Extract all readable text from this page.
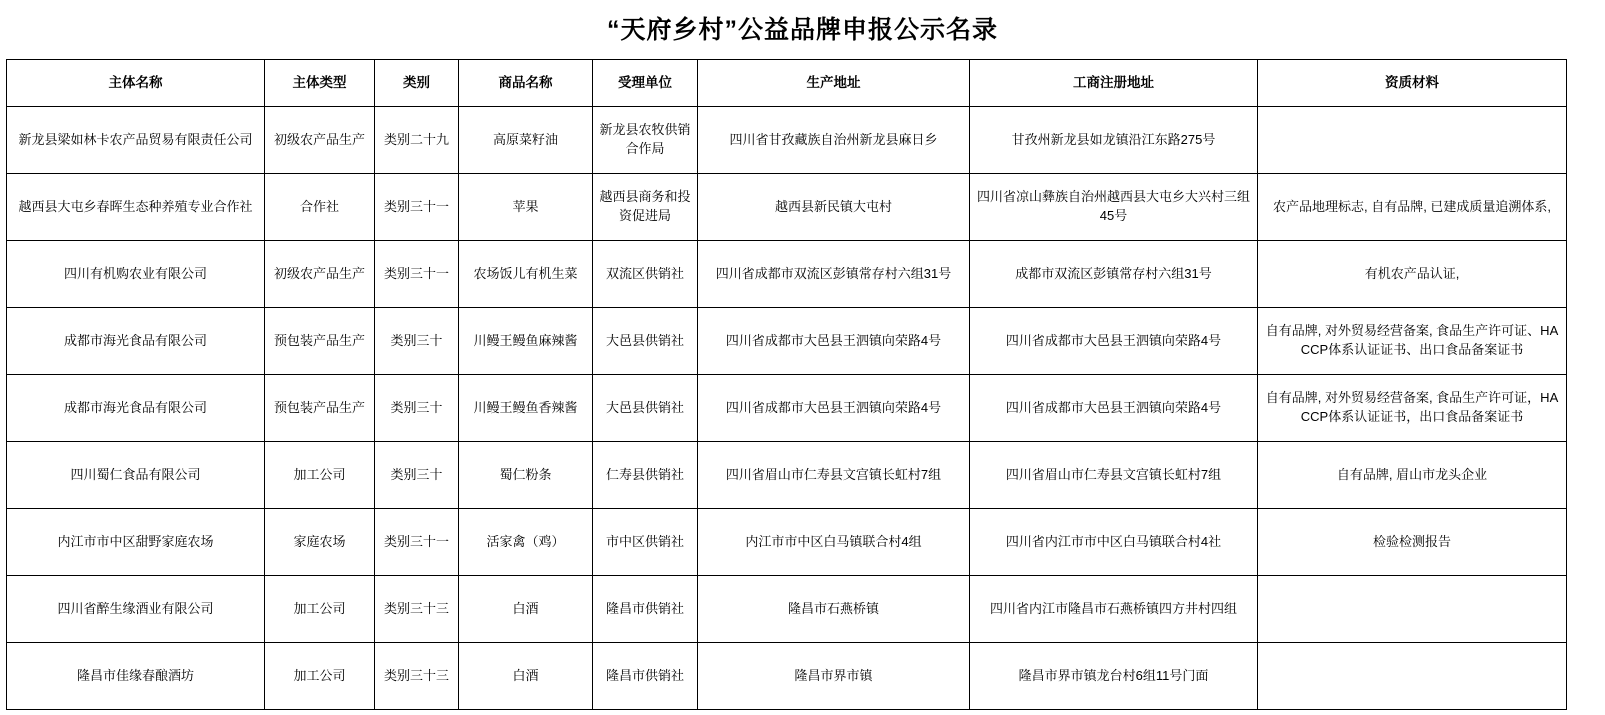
“天府乡村”公益品牌申报公示名录
主体名称	主体类型	类别	商品名称	受理单位	生产地址	工商注册地址	资质材料
新龙县梁如林卡农产品贸易有限责任公司	初级农产品生产	类别二十九	高原菜籽油	新龙县农牧供销合作局	四川省甘孜藏族自治州新龙县麻日乡	甘孜州新龙县如龙镇沿江东路275号	
越西县大屯乡春晖生态种养殖专业合作社	合作社	类别三十一	苹果	越西县商务和投资促进局	越西县新民镇大屯村	四川省凉山彝族自治州越西县大屯乡大兴村三组45号	农产品地理标志, 自有品牌, 已建成质量追溯体系,
四川有机购农业有限公司	初级农产品生产	类别三十一	农场饭儿有机生菜	双流区供销社	四川省成都市双流区彭镇常存村六组31号	成都市双流区彭镇常存村六组31号	有机农产品认证,
成都市海光食品有限公司	预包装产品生产	类别三十	川鳗王鳗鱼麻辣酱	大邑县供销社	四川省成都市大邑县王泗镇向荣路4号	四川省成都市大邑县王泗镇向荣路4号	自有品牌, 对外贸易经营备案, 食品生产许可证、HACCP体系认证证书、出口食品备案证书
成都市海光食品有限公司	预包装产品生产	类别三十	川鳗王鳗鱼香辣酱	大邑县供销社	四川省成都市大邑县王泗镇向荣路4号	四川省成都市大邑县王泗镇向荣路4号	自有品牌, 对外贸易经营备案, 食品生产许可证，HACCP体系认证证书，出口食品备案证书
四川蜀仁食品有限公司	加工公司	类别三十	蜀仁粉条	仁寿县供销社	四川省眉山市仁寿县文宫镇长虹村7组	四川省眉山市仁寿县文宫镇长虹村7组	自有品牌, 眉山市龙头企业
内江市市中区甜野家庭农场	家庭农场	类别三十一	活家禽（鸡）	市中区供销社	内江市市中区白马镇联合村4组	四川省内江市市中区白马镇联合村4社	检验检测报告
四川省醉生缘酒业有限公司	加工公司	类别三十三	白酒	隆昌市供销社	隆昌市石燕桥镇	四川省内江市隆昌市石燕桥镇四方井村四组	
隆昌市佳缘春酿酒坊	加工公司	类别三十三	白酒	隆昌市供销社	隆昌市界市镇	隆昌市界市镇龙台村6组11号门面	
